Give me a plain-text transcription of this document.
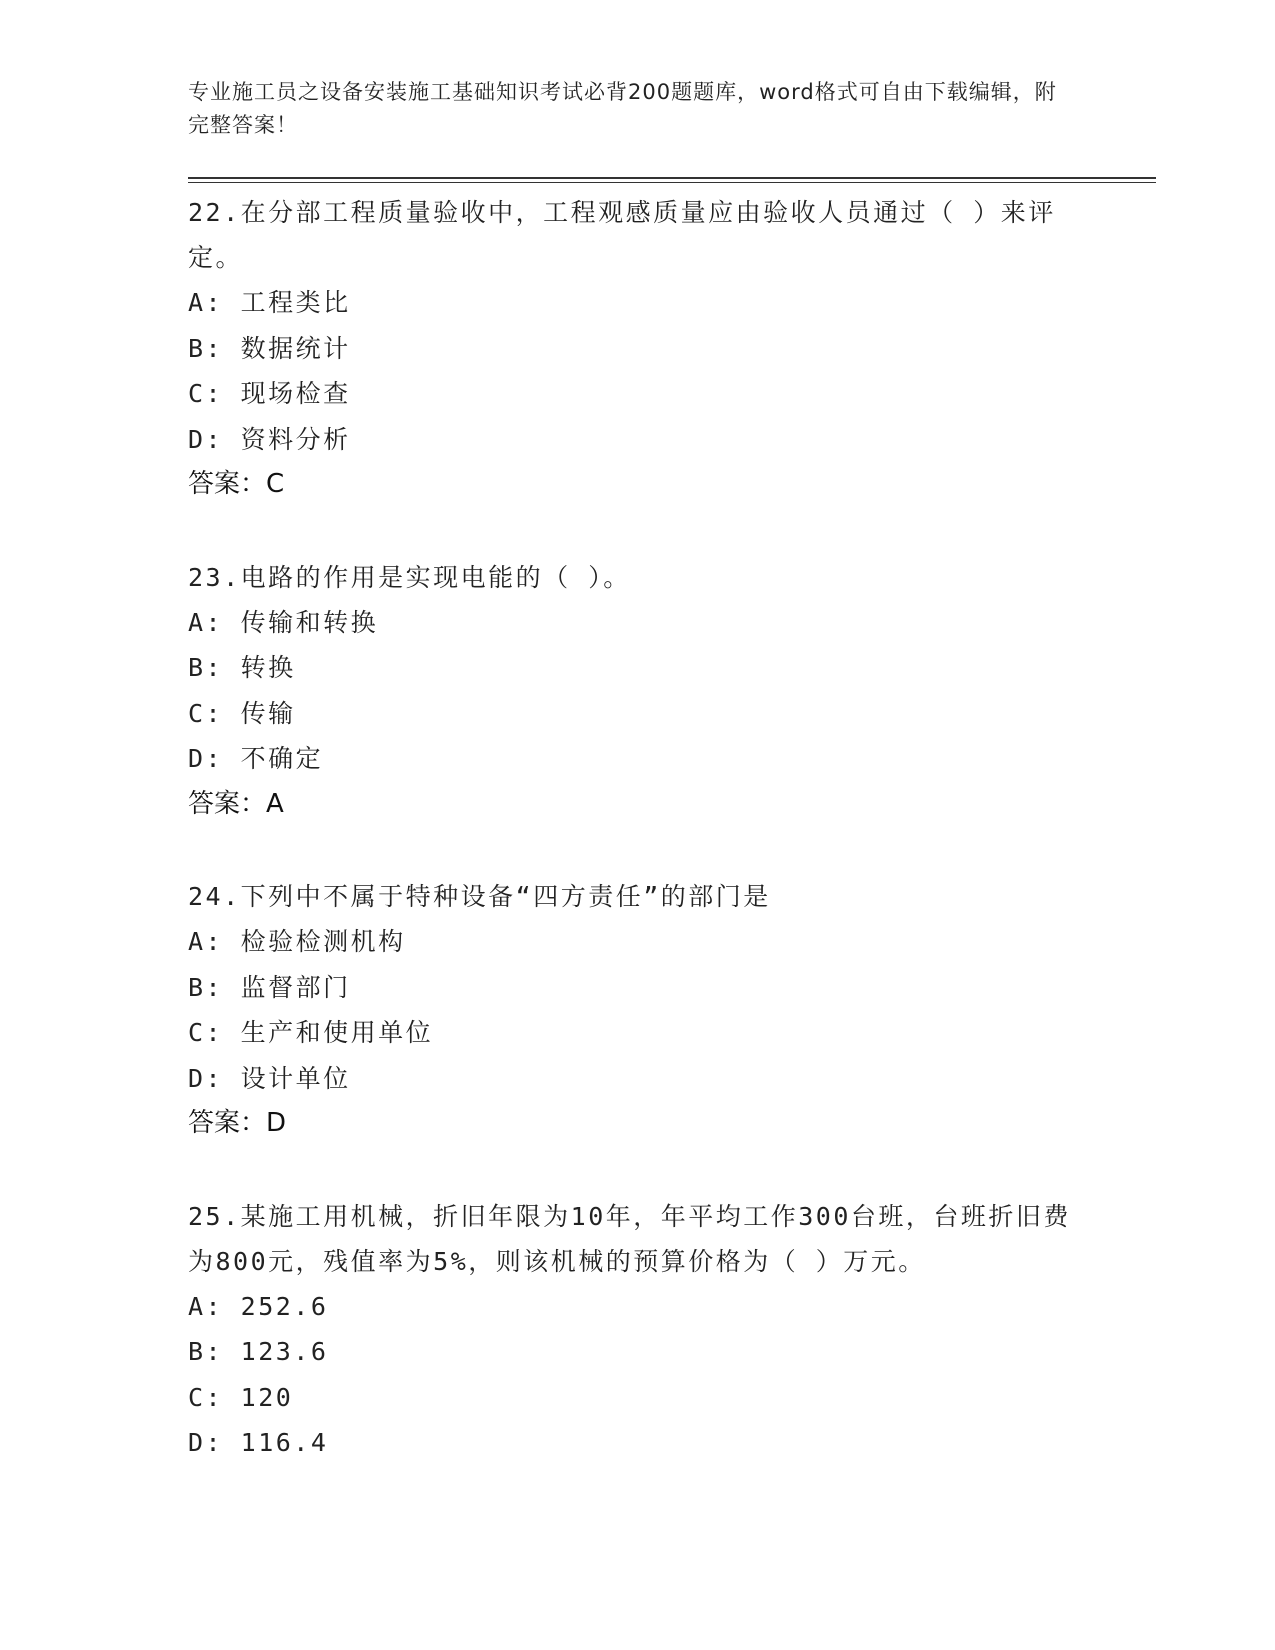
专业施工员之设备安装施工基础知识考试必背200题题库，word格式可自由下载编辑，附完整答案！
22.在分部工程质量验收中，工程观感质量应由验收人员通过（ ）来评定。
A: 工程类比
B: 数据统计
C: 现场检查
D: 资料分析
答案：C
23.电路的作用是实现电能的（ ）。
A: 传输和转换
B: 转换
C: 传输
D: 不确定
答案：A
24.下列中不属于特种设备“四方责任”的部门是
A: 检验检测机构
B: 监督部门
C: 生产和使用单位
D: 设计单位
答案：D
25.某施工用机械，折旧年限为10年，年平均工作300台班，台班折旧费为800元，残值率为5%，则该机械的预算价格为（ ）万元。
A: 252.6
B: 123.6
C: 120
D: 116.4
